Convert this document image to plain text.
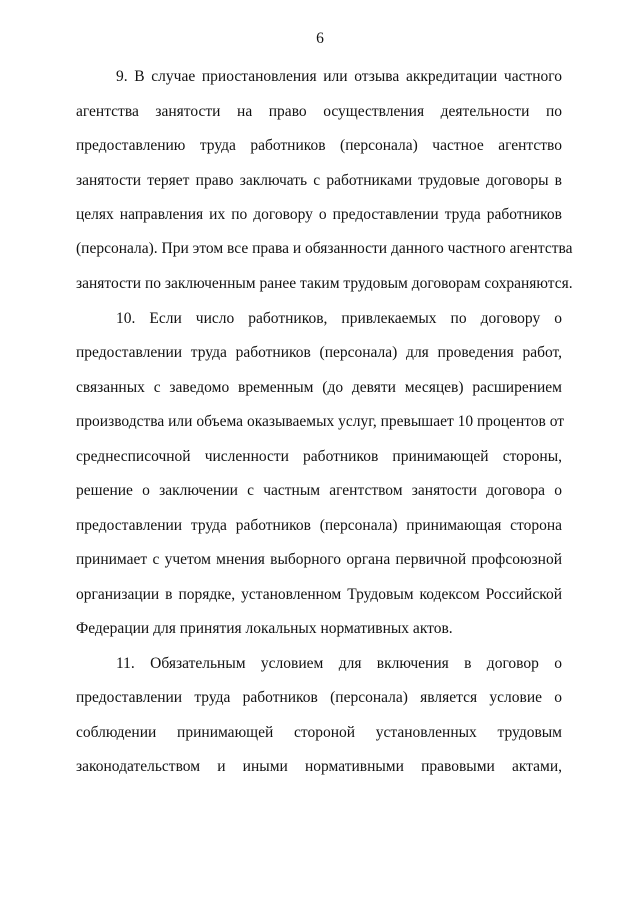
6
9. В случае приостановления или отзыва аккредитации частного
агентства занятости на право осуществления деятельности по
предоставлению труда работников (персонала) частное агентство
занятости теряет право заключать с работниками трудовые договоры в
целях направления их по договору о предоставлении труда работников
(персонала). При этом все права и обязанности данного частного агентства
занятости по заключенным ранее таким трудовым договорам сохраняются.
10. Если число работников, привлекаемых по договору о
предоставлении труда работников (персонала) для проведения работ,
связанных с заведомо временным (до девяти месяцев) расширением
производства или объема оказываемых услуг, превышает 10 процентов от
среднесписочной численности работников принимающей стороны,
решение о заключении с частным агентством занятости договора о
предоставлении труда работников (персонала) принимающая сторона
принимает с учетом мнения выборного органа первичной профсоюзной
организации в порядке, установленном Трудовым кодексом Российской
Федерации для принятия локальных нормативных актов.
11. Обязательным условием для включения в договор о
предоставлении труда работников (персонала) является условие о
соблюдении принимающей стороной установленных трудовым
законодательством и иными нормативными правовыми актами,
